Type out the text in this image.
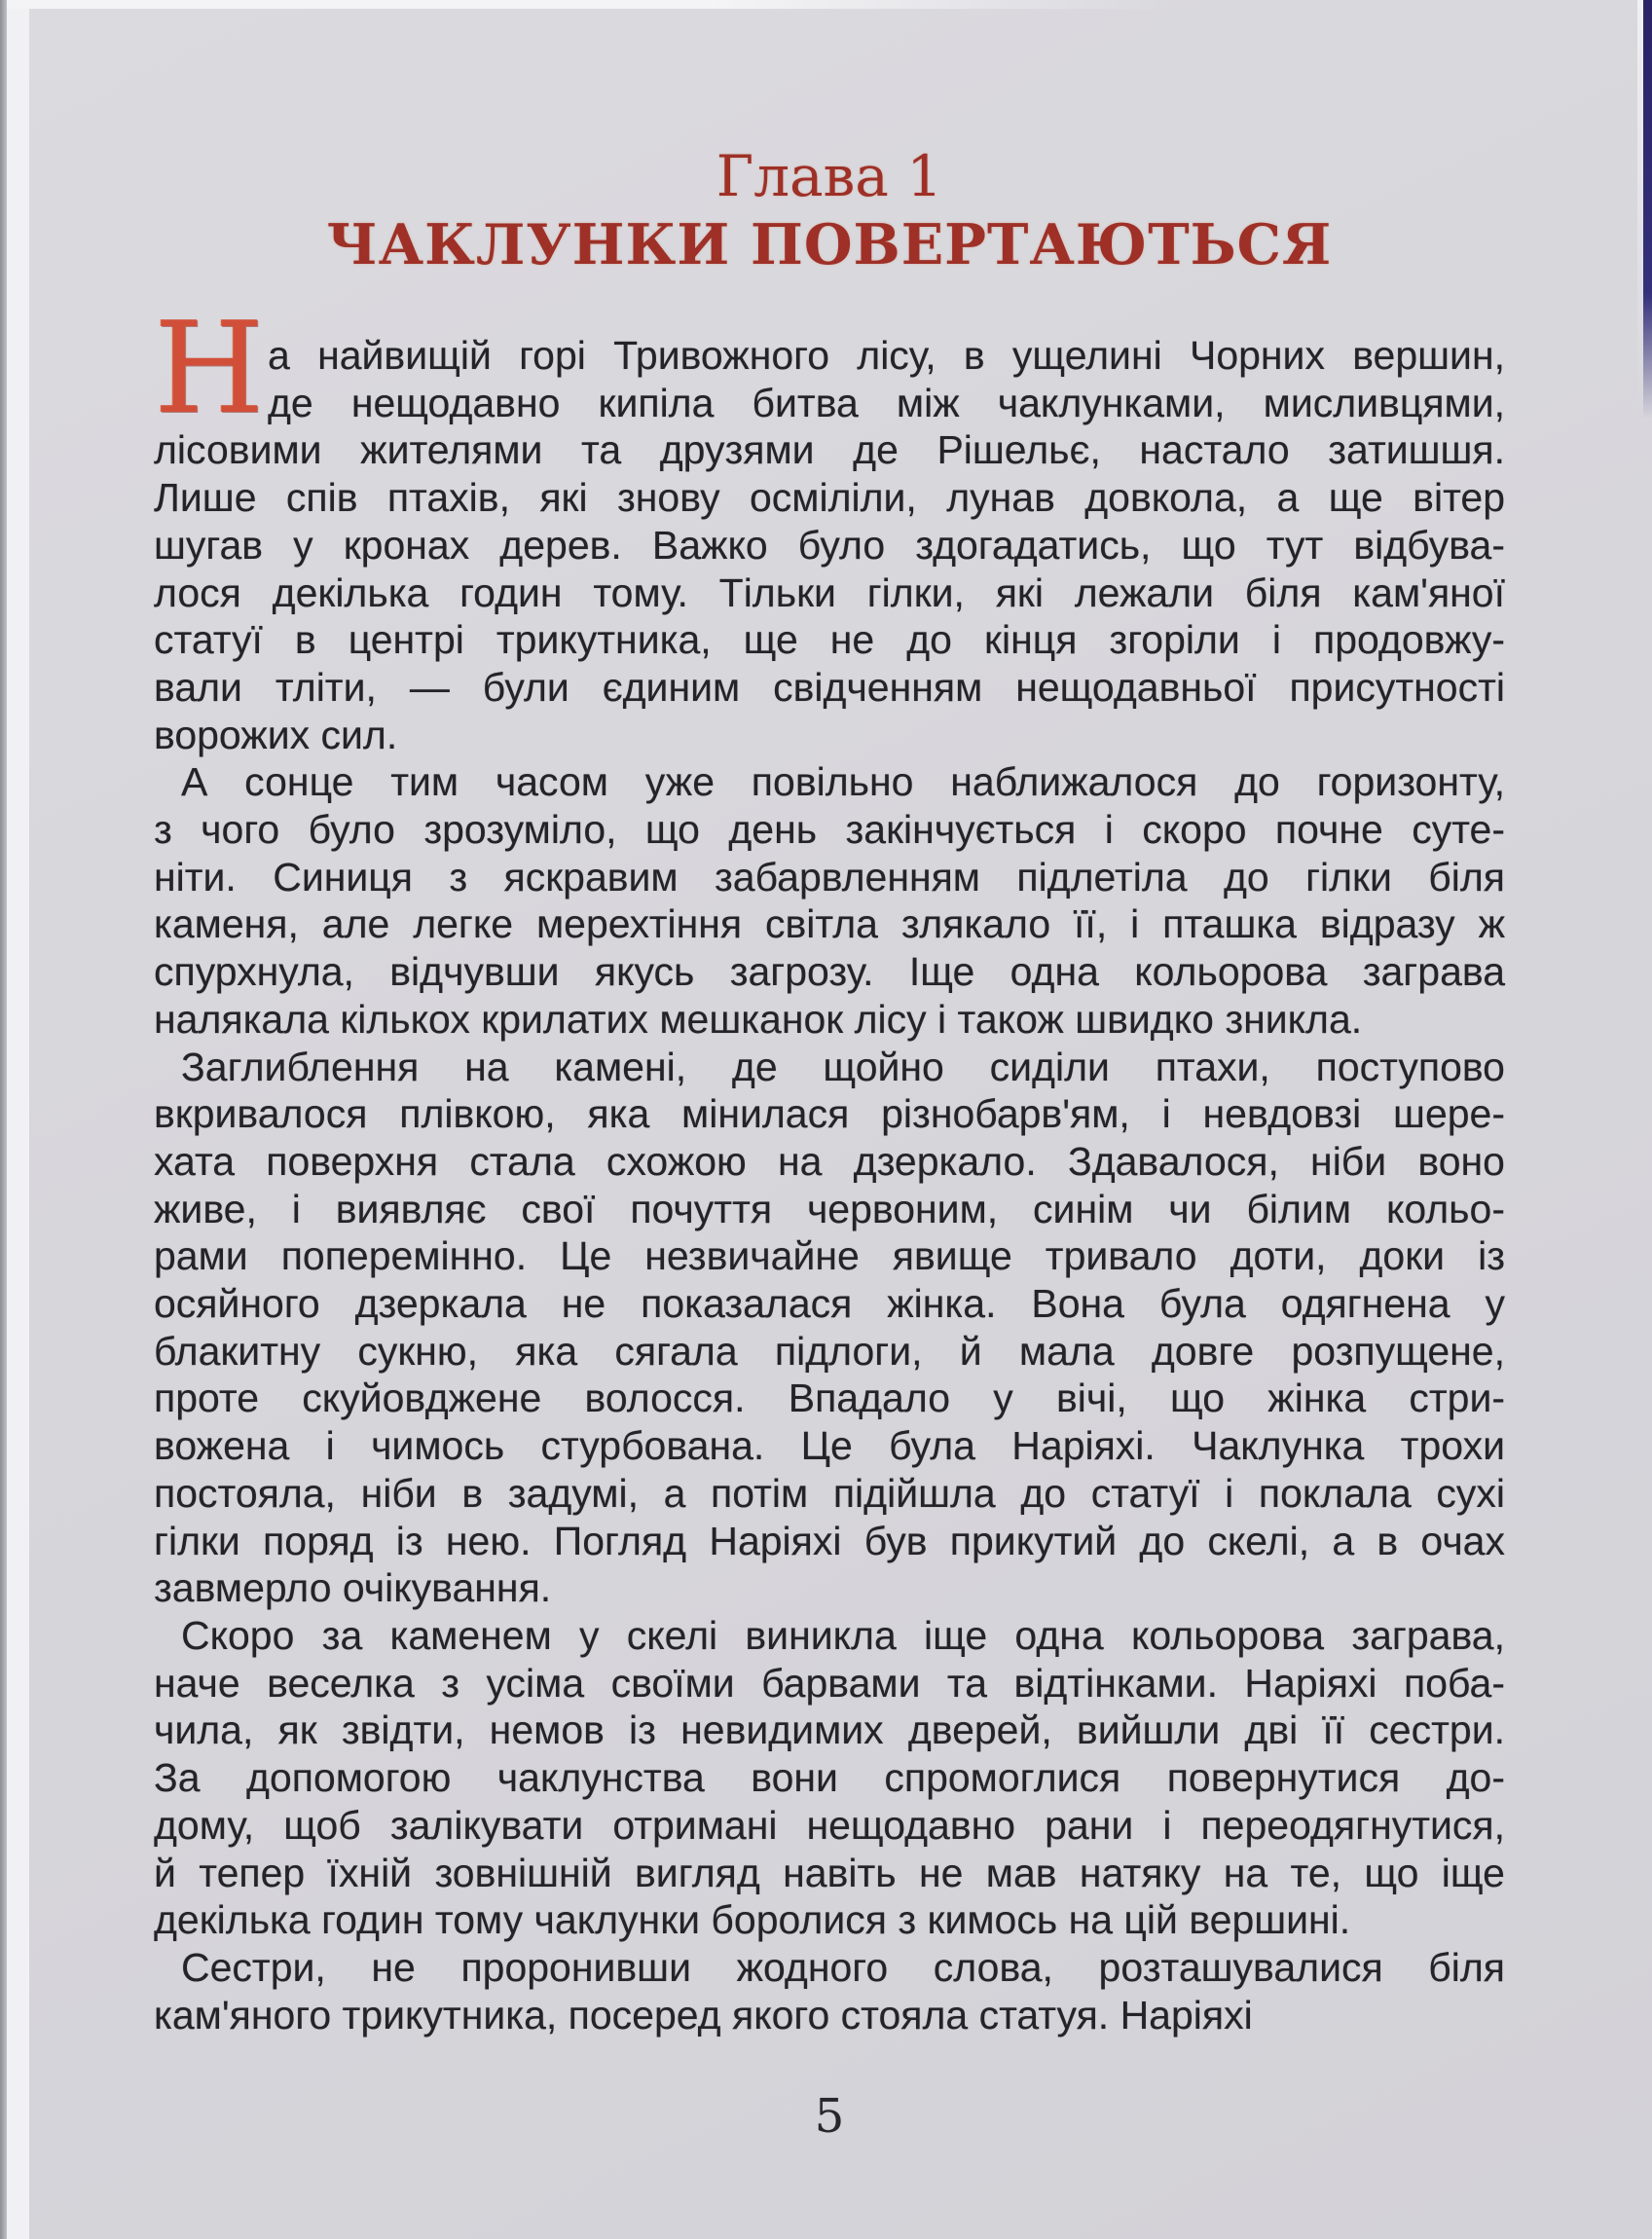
Глава 1
ЧАКЛУНКИ ПОВЕРТАЮТЬСЯ
Н а найвищій горі Тривожного лісу, в ущелині Чорних вершин,
де нещодавно кипіла битва між чаклунками, мисливцями,
лісовими жителями та друзями де Рішельє, настало затишшя.
Лише спів птахів, які знову осміліли, лунав довкола, а ще вітер
шугав у кронах дерев. Важко було здогадатись, що тут відбува-
лося декілька годин тому. Тільки гілки, які лежали біля кам'яної
статуї в центрі трикутника, ще не до кінця згоріли і продовжу-
вали тліти, — були єдиним свідченням нещодавньої присутності
ворожих сил.
А сонце тим часом уже повільно наближалося до горизонту,
з чого було зрозуміло, що день закінчується і скоро почне суте-
ніти. Синиця з яскравим забарвленням підлетіла до гілки біля
каменя, але легке мерехтіння світла злякало її, і пташка відразу ж
спурхнула, відчувши якусь загрозу. Іще одна кольорова заграва
налякала кількох крилатих мешканок лісу і також швидко зникла.
Заглиблення на камені, де щойно сиділи птахи, поступово
вкривалося плівкою, яка мінилася різнобарв'ям, і невдовзі шере-
хата поверхня стала схожою на дзеркало. Здавалося, ніби воно
живе, і виявляє свої почуття червоним, синім чи білим кольо-
рами поперемінно. Це незвичайне явище тривало доти, доки із
осяйного дзеркала не показалася жінка. Вона була одягнена у
блакитну сукню, яка сягала підлоги, й мала довге розпущене,
проте скуйовджене волосся. Впадало у вічі, що жінка стри-
вожена і чимось стурбована. Це була Наріяхі. Чаклунка трохи
постояла, ніби в задумі, а потім підійшла до статуї і поклала сухі
гілки поряд із нею. Погляд Наріяхі був прикутий до скелі, а в очах
завмерло очікування.
Скоро за каменем у скелі виникла іще одна кольорова заграва,
наче веселка з усіма своїми барвами та відтінками. Наріяхі поба-
чила, як звідти, немов із невидимих дверей, вийшли дві її сестри.
За допомогою чаклунства вони спромоглися повернутися до-
дому, щоб залікувати отримані нещодавно рани і переодягнутися,
й тепер їхній зовнішній вигляд навіть не мав натяку на те, що іще
декілька годин тому чаклунки боролися з кимось на цій вершині.
Сестри, не проронивши жодного слова, розташувалися біля
кам'яного трикутника, посеред якого стояла статуя. Наріяхі
5
